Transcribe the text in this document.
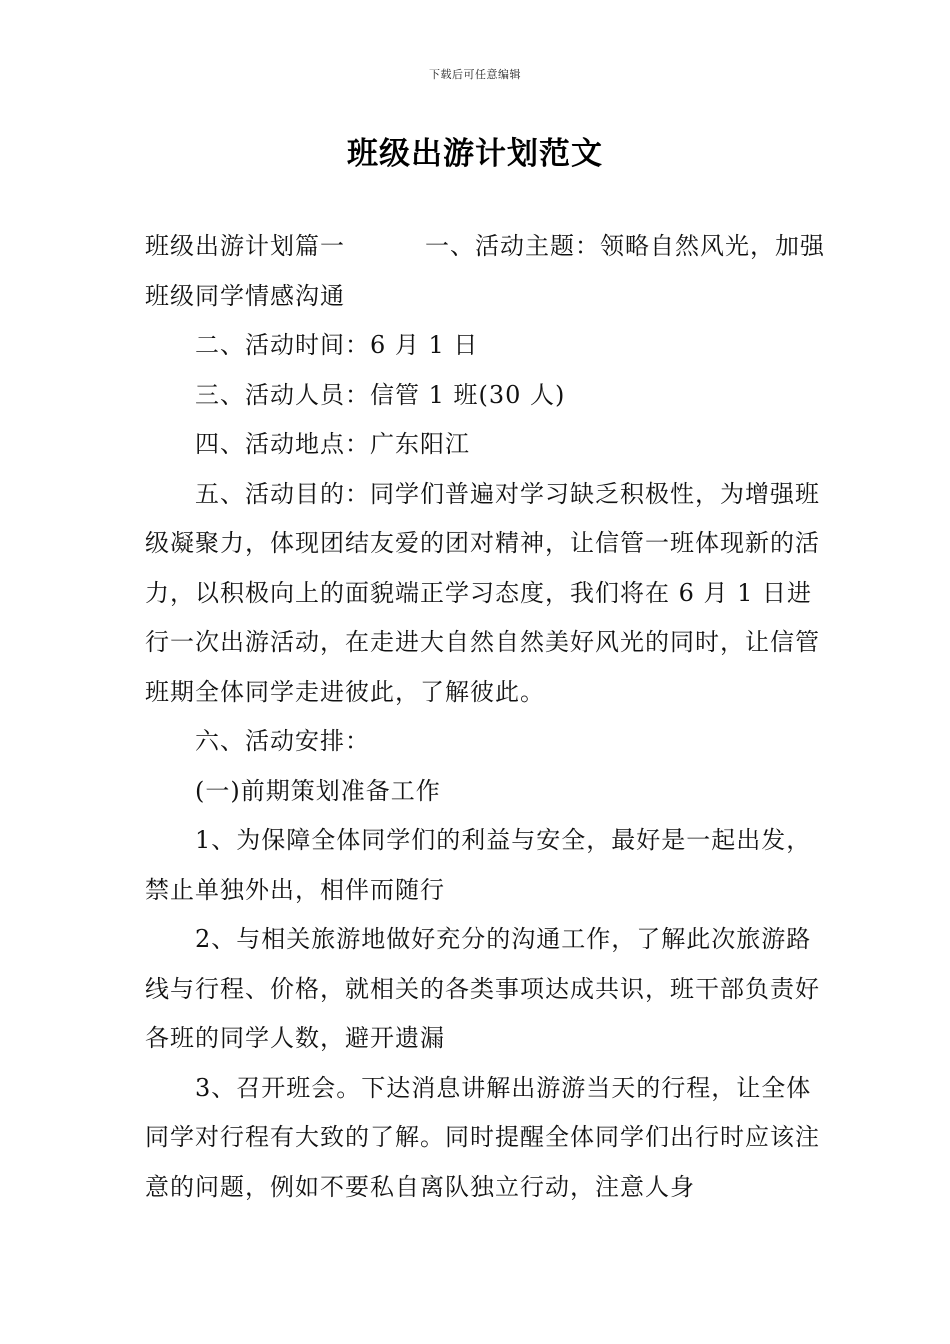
下载后可任意编辑
班级出游计划范文

班级出游计划篇一	一、活动主题：领略自然风光，加强班级同学情感沟通

二、活动时间：6 月 1 日

三、活动人员：信管 1 班(30 人)

四、活动地点：广东阳江

五、活动目的：同学们普遍对学习缺乏积极性，为增强班级凝聚力，体现团结友爱的团对精神，让信管一班体现新的活力，以积极向上的面貌端正学习态度，我们将在 6 月 1 日进行一次出游活动，在走进大自然自然美好风光的同时，让信管班期全体同学走进彼此，了解彼此。

六、活动安排：

(一)前期策划准备工作

1、为保障全体同学们的利益与安全，最好是一起出发，禁止单独外出，相伴而随行

2、与相关旅游地做好充分的沟通工作，了解此次旅游路线与行程、价格，就相关的各类事项达成共识，班干部负责好各班的同学人数，避开遗漏

3、召开班会。下达消息讲解出游游当天的行程，让全体同学对行程有大致的了解。同时提醒全体同学们出行时应该注意的问题，例如不要私自离队独立行动，注意人身
